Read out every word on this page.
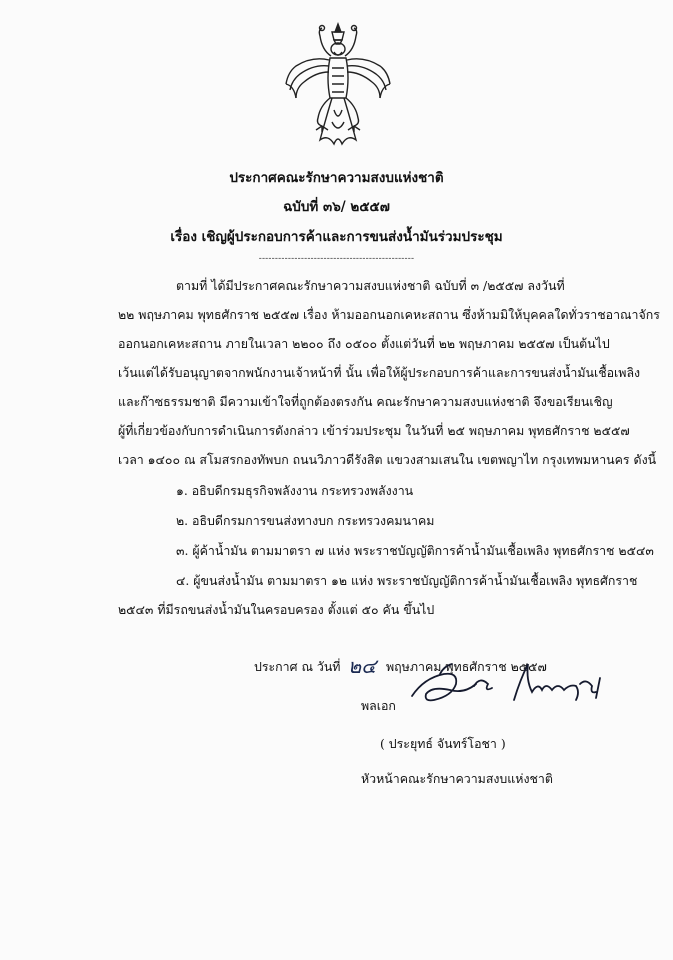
ประกาศคณะรักษาความสงบแห่งชาติ
ฉบับที่ ๓๖/ ๒๕๕๗
เรื่อง เชิญผู้ประกอบการค้าและการขนส่งน้ำมันร่วมประชุม
------------------------------------------------
ตามที่ ได้มีประกาศคณะรักษาความสงบแห่งชาติ ฉบับที่ ๓ /๒๕๕๗ ลงวันที่
๒๒ พฤษภาคม พุทธศักราช ๒๕๕๗ เรื่อง ห้ามออกนอกเคหะสถาน ซึ่งห้ามมิให้บุคคลใดทั่วราชอาณาจักร
ออกนอกเคหะสถาน ภายในเวลา ๒๒๐๐ ถึง ๐๕๐๐ ตั้งแต่วันที่ ๒๒ พฤษภาคม ๒๕๕๗ เป็นต้นไป
เว้นแต่ได้รับอนุญาตจากพนักงานเจ้าหน้าที่ นั้น เพื่อให้ผู้ประกอบการค้าและการขนส่งน้ำมันเชื้อเพลิง
และก๊าซธรรมชาติ มีความเข้าใจที่ถูกต้องตรงกัน คณะรักษาความสงบแห่งชาติ จึงขอเรียนเชิญ
ผู้ที่เกี่ยวข้องกับการดำเนินการดังกล่าว เข้าร่วมประชุม ในวันที่ ๒๕ พฤษภาคม พุทธศักราช ๒๕๕๗
เวลา ๑๔๐๐ ณ สโมสรกองทัพบก ถนนวิภาวดีรังสิต แขวงสามเสนใน เขตพญาไท กรุงเทพมหานคร ดังนี้
๑. อธิบดีกรมธุรกิจพลังงาน กระทรวงพลังงาน
๒. อธิบดีกรมการขนส่งทางบก กระทรวงคมนาคม
๓. ผู้ค้าน้ำมัน ตามมาตรา ๗ แห่ง พระราชบัญญัติการค้าน้ำมันเชื้อเพลิง พุทธศักราช ๒๕๔๓
๔. ผู้ขนส่งน้ำมัน ตามมาตรา ๑๒ แห่ง พระราชบัญญัติการค้าน้ำมันเชื้อเพลิง พุทธศักราช
๒๕๔๓ ที่มีรถขนส่งน้ำมันในครอบครอง ตั้งแต่ ๕๐ คัน ขึ้นไป
ประกาศ ณ วันที่ ๒๔ พฤษภาคม พุทธศักราช ๒๕๕๗
พลเอก
( ประยุทธ์ จันทร์โอชา )
หัวหน้าคณะรักษาความสงบแห่งชาติ
